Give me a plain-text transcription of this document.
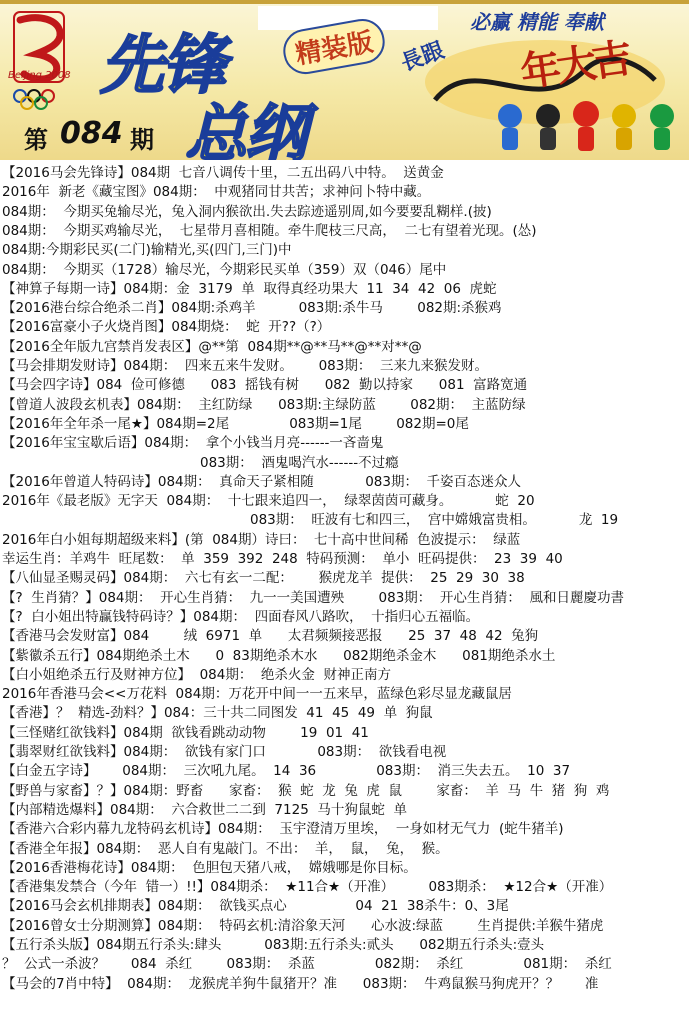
Beijing 2008
必赢 精能 奉献
先锋	精装版
总纲
第 084 期
長跟 年大吉
【2016马会先锋诗】084期  七音八调传十里，二五出码八中特。  送黄金
2016年  新老《藏宝图》084期：  中观猪同甘共苦；求神问卜特中藏。
084期：  今期买兔输尽光，兔入洞内猴欲出.失去踪迹遥别周,如今要要乱糊样.(披)
084期：  今期买鸡输尽光，  七星带月喜相随。牵牛爬枝三尺高，  二七有望着光现。(怂)
084期:今期彩民买(二门)输精光,买(四门,三门)中
084期：  今期买（1728）输尽光，今期彩民买单（359）双（046）尾中
【神算子每期一诗】084期：金  3179  单  取得真经功果大  11  34  42  06  虎蛇
【2016港台综合绝杀二肖】084期:杀鸡羊          083期:杀牛马        082期:杀猴鸡
【2016富豪小子火烧肖图】084期烧：  蛇  开??（?）
【2016全年版九宫禁肖发表区】@**第  084期**@**马**@**对**@
【马会排期发财诗】084期：  四来五来牛发财。      083期：  三来九来猴发财。
【马会四字诗】084  俭可修德      083  摇钱有树      082  勤以持家      081  富路宽通
【曾道人波段玄机表】084期：  主红防绿      083期:主绿防蓝        082期：  主蓝防绿
【2016年全年杀一尾★】084期=2尾              083期=1尾        082期=0尾
【2016年宝宝歇后语】084期：  拿个小钱当月亮------一吝啬鬼
083期：  酒鬼喝汽水------不过瘾
【2016年曾道人特码诗】084期：  真命天子紧相随            083期：  千姿百态迷众人
2016年《最老版》无字天  084期：  十七跟来追四一，  绿翠茵茵可藏身。          蛇  20
083期：  旺波有七和四三，  宫中嫦娥富贵相。          龙  19
2016年白小姐每期超级来料】(第  084期）诗曰：  七十高中世间稀  色波提示：  绿蓝
幸运生肖：羊鸡牛  旺尾数：  单  359  392  248  特码预测：  单小  旺码提供：  23  39  40
【八仙显圣赐灵码】084期：  六七有玄一二配：      猴虎龙羊  提供：  25  29  30  38
【?  生肖猜？】084期：  开心生肖猜：  九一一美国遭殃        083期：  开心生肖猜：  風和日麗慶功書
【?  白小姐出特赢钱特码诗？】084期：  四面春风八路吹，  十指归心五福临。
【香港马会发财富】084        绒  6971  单      太君频频接恶报      25  37  48  42  兔狗
【紫徽杀五行】084期绝杀土木      0  83期绝杀木水      082期绝杀金木      081期绝杀水土
【白小姐绝杀五行及财神方位】  084期：  绝杀火金  财神正南方
2016年香港马会<<万花料  084期：万花开中间一一五来早，蓝绿色彩尽显龙藏鼠居
【香港】？  精选-劲料？】084：三十共二同图发  41  45  49  单  狗鼠
【三怪赌红欲钱料】084期  欲钱看跳动动物        19  01  41
【翡翠财红欲钱料】084期：  欲钱有家门口            083期：  欲钱看电视
【白金五字诗】      084期：  三次吼九尾。  14  36              083期：  消三失去五。  10  37
【野兽与家畜】？】084期：野畜      家畜：  猴  蛇  龙  兔  虎  鼠        家畜：  羊  马  牛  猪  狗  鸡
【内部精选爆料】084期：  六合救世二二到  7125  马十狗鼠蛇  单
【香港六合彩内幕九龙特码玄机诗】084期：  玉宇澄清万里埃，  一身如材无气力  (蛇牛猪羊)
【香港全年报】084期：  恶人自有鬼敲门。不出：  羊，  鼠，  兔，  猴。
【2016香港梅花诗】084期：  色胆包天猪八戒，  嫦娥哪是你目标。
【香港集发禁合（今年  错一）!!】084期杀：  ★11合★（开准）        083期杀：  ★12合★（开准）
【2016马会玄机排期表】084期：  欲钱买点心                04  21  38杀牛：0、3尾
【2016曾女士分期测算】084期：  特码玄机:清浴象天河      心水波:绿蓝        生肖提供:羊猴牛猪虎
【五行杀头版】084期五行杀头:肆头          083期:五行杀头:贰头      082期五行杀头:壹头
？  公式一杀波？      084  杀红        083期：  杀蓝              082期：  杀红              081期：  杀红
【马会的7肖中特】  084期：  龙猴虎羊狗牛鼠猪开？准      083期：  牛鸡鼠猴马狗虎开？？      准
